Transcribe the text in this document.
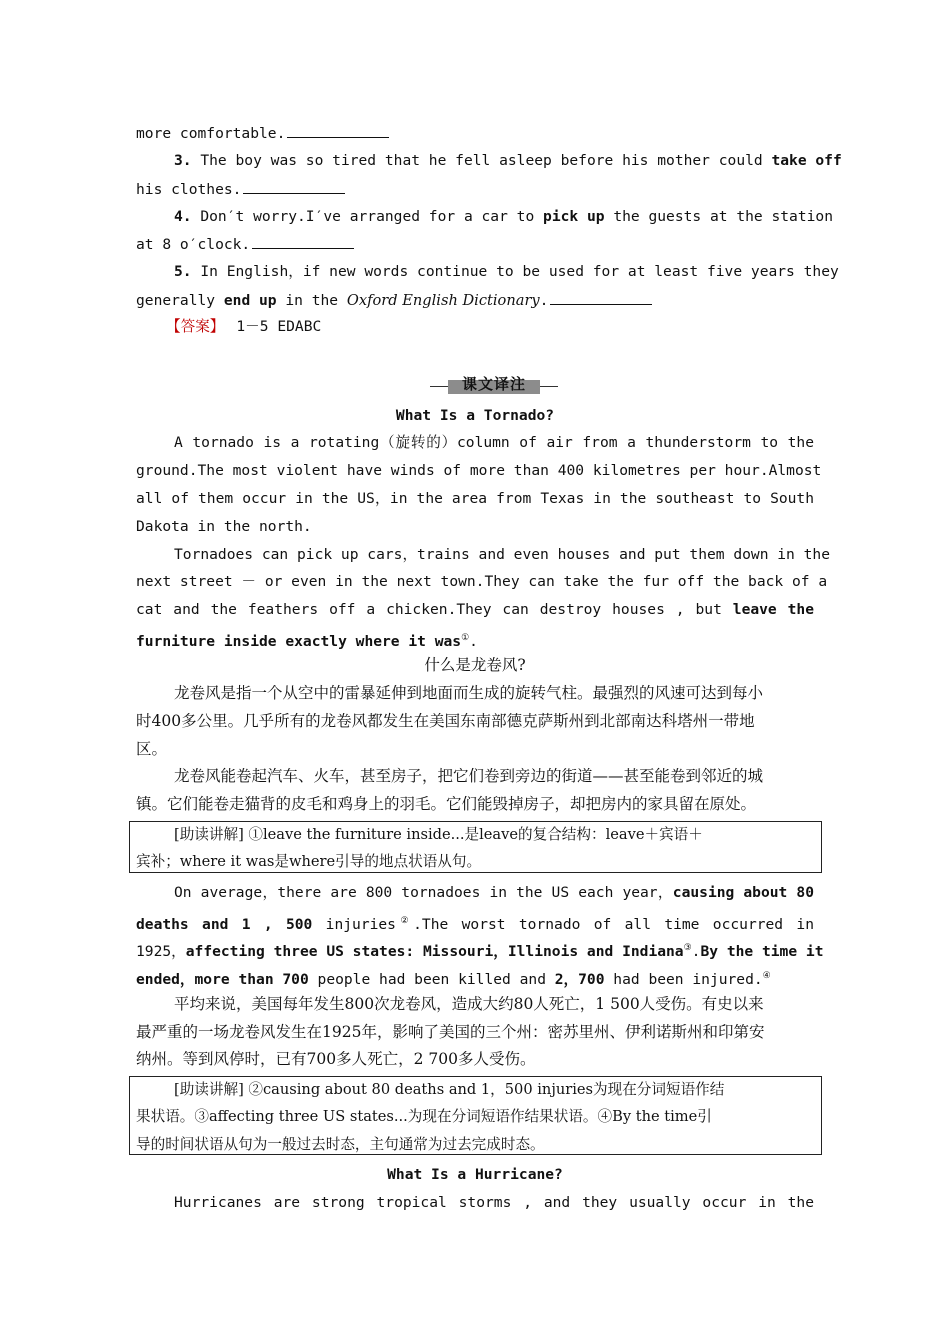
more comfortable.
3. The boy was so tired that he fell asleep before his mother could take off
his clothes.
4. Don′t worry.I′ve arranged for a car to pick up the guests at the station
at 8 o′clock.
5. In English，if new words continue to be used for at least five years they
generally end up in the Oxford English Dictionary.
【答案】 1－5 EDABC
课文译注
What Is a Tornado?
A tornado is a rotating（旋转的）column of air from a thunderstorm to the
ground.The most violent have winds of more than 400 kilometres per hour.Almost
all of them occur in the US，in the area from Texas in the southeast to South
Dakota in the north.
Tornadoes can pick up cars，trains and even houses and put them down in the
next street － or even in the next town.They can take the fur off the back of a
cat and the feathers off a chicken.They can destroy houses , but leave the
furniture inside exactly where it was①.
什么是龙卷风?
龙卷风是指一个从空中的雷暴延伸到地面而生成的旋转气柱。最强烈的风速可达到每小
时400多公里。几乎所有的龙卷风都发生在美国东南部德克萨斯州到北部南达科塔州一带地
区。
龙卷风能卷起汽车、火车，甚至房子，把它们卷到旁边的街道——甚至能卷到邻近的城
镇。它们能卷走猫背的皮毛和鸡身上的羽毛。它们能毁掉房子，却把房内的家具留在原处。
[助读讲解] ①leave the furniture inside...是leave的复合结构：leave＋宾语＋
宾补；where it was是where引导的地点状语从句。
On average，there are 800 tornadoes in the US each year，causing about 80
deaths and 1 , 500 injuries②.The worst tornado of all time occurred in
1925，affecting three US states: Missouri，Illinois and Indiana③.By the time it
ended，more than 700 people had been killed and 2，700 had been injured.④
平均来说，美国每年发生800次龙卷风，造成大约80人死亡，1 500人受伤。有史以来
最严重的一场龙卷风发生在1925年，影响了美国的三个州：密苏里州、伊利诺斯州和印第安
纳州。等到风停时，已有700多人死亡，2 700多人受伤。
[助读讲解] ②causing about 80 deaths and 1，500 injuries为现在分词短语作结
果状语。③affecting three US states...为现在分词短语作结果状语。④By the time引
导的时间状语从句为一般过去时态，主句通常为过去完成时态。
What Is a Hurricane?
Hurricanes are strong tropical storms , and they usually occur in the
